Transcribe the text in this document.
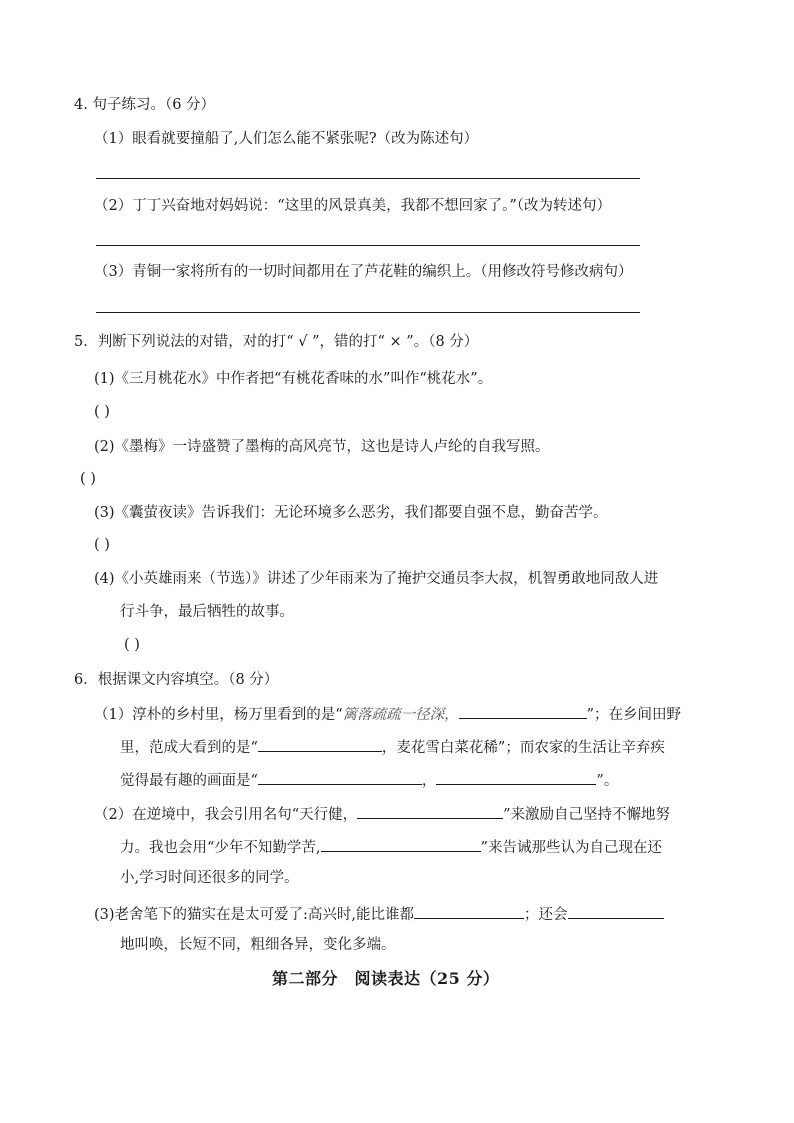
4. 句子练习。（6 分）
（1）眼看就要撞船了,人们怎么能不紧张呢?（改为陈述句）
（2）丁丁兴奋地对妈妈说：“这里的风景真美，我都不想回家了。”（改为转述句）
（3）青铜一家将所有的一切时间都用在了芦花鞋的编织上。（用修改符号修改病句）
5．判断下列说法的对错，对的打“ √ ”，错的打“ × ”。（8 分）
(1)《三月桃花水》中作者把“有桃花香味的水”叫作“桃花水”。
( )
(2)《墨梅》一诗盛赞了墨梅的高风亮节，这也是诗人卢纶的自我写照。
( )
(3)《囊萤夜读》告诉我们：无论环境多么恶劣，我们都要自强不息，勤奋苦学。
( )
(4)《小英雄雨来（节选）》讲述了少年雨来为了掩护交通员李大叔，机智勇敢地同敌人进
行斗争，最后牺牲的故事。
( )
6．根据课文内容填空。（8 分）
（1）淳朴的乡村里，杨万里看到的是“篱落疏疏一径深，	”；在乡间田野
里，范成大看到的是“	，麦花雪白菜花稀”；而农家的生活让辛弃疾
觉得最有趣的画面是“	，	”。
（2）在逆境中，我会引用名句“天行健，	”来激励自己坚持不懈地努
力。我也会用“少年不知勤学苦,	”来告诫那些认为自己现在还
小,学习时间还很多的同学。
(3)老舍笔下的猫实在是太可爱了:高兴时,能比谁都	；还会
地叫唤，长短不同，粗细各异，变化多端。
第二部分　阅读表达（25 分）
